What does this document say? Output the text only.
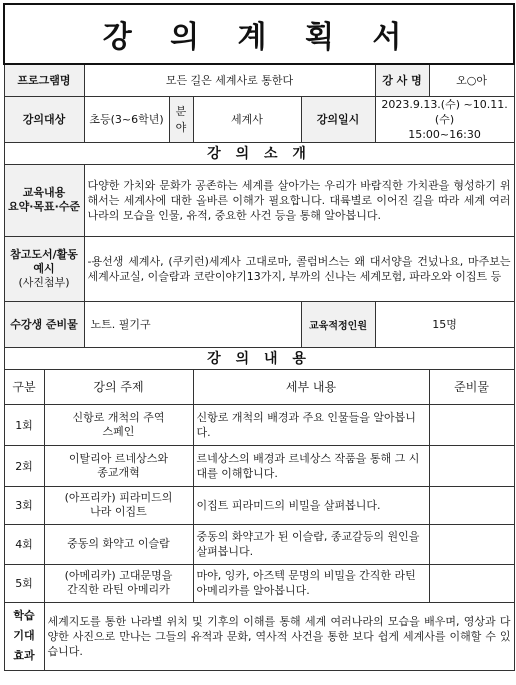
강 의 계 획 서							
프로그램명		모든 길은 세계사로 통한다				강 사 명	오○아
강의대상		초등(3~6학년)	분야	세계사	강의일시	2023.9.13.(수) ~10.11.(수)
15:00~16:30	

강 의 소 개							

교육내용
요약·목표·수준		다양한 가치와 문화가 공존하는 세계를 살아가는 우리가 바람직한 가치관을 형성하기 위해서는 세계사에 대한 올바른 이해가 필요합니다. 대륙별로 이어진 길을 따라 세계 여러 나라의 모습을 인물, 유적, 중요한 사건 등을 통해 알아봅니다.					

참고도서/활동예시
(사진첨부)		-용선생 세계사, (쿠키런)세계사 고대로마, 콜럼버스는 왜 대서양을 건넜나요, 마주보는 세계사교실, 이슬람과 코란이야기13가지, 부까의 신나는 세계모험, 파라오와 이집트 등					
수강생 준비물		노트. 필기구			교육적정인원	15명	
강 의 내 용							
구분	강의 주제			세부 내용			준비물
1회	신항로 개척의 주역
스페인			신항로 개척의 배경과 주요 인물들을 알아봅니다.			
2회	이탈리아 르네상스와
종교개혁			르네상스의 배경과 르네상스 작품을 통해 그 시대를 이해합니다.			
3회	(아프리카) 피라미드의
나라 이집트			이집트 피라미드의 비밀을 살펴봅니다.			
4회	중동의 화약고 이슬람			중동의 화약고가 된 이슬람, 종교갈등의 원인을 살펴봅니다.			
5회	(아메리카) 고대문명을
간직한 라틴 아메리카			마야, 잉카, 아즈텍 문명의 비밀을 간직한 라틴 아메리카를 알아봅니다.			

학습
기대
효과	세계지도를 통한 나라별 위치 및 기후의 이해를 통해 세계 여러나라의 모습을 배우며, 영상과 다양한 사진으로 만나는 그들의 유적과 문화, 역사적 사건을 통한 보다 쉽게 세계사를 이해할 수 있습니다.						
